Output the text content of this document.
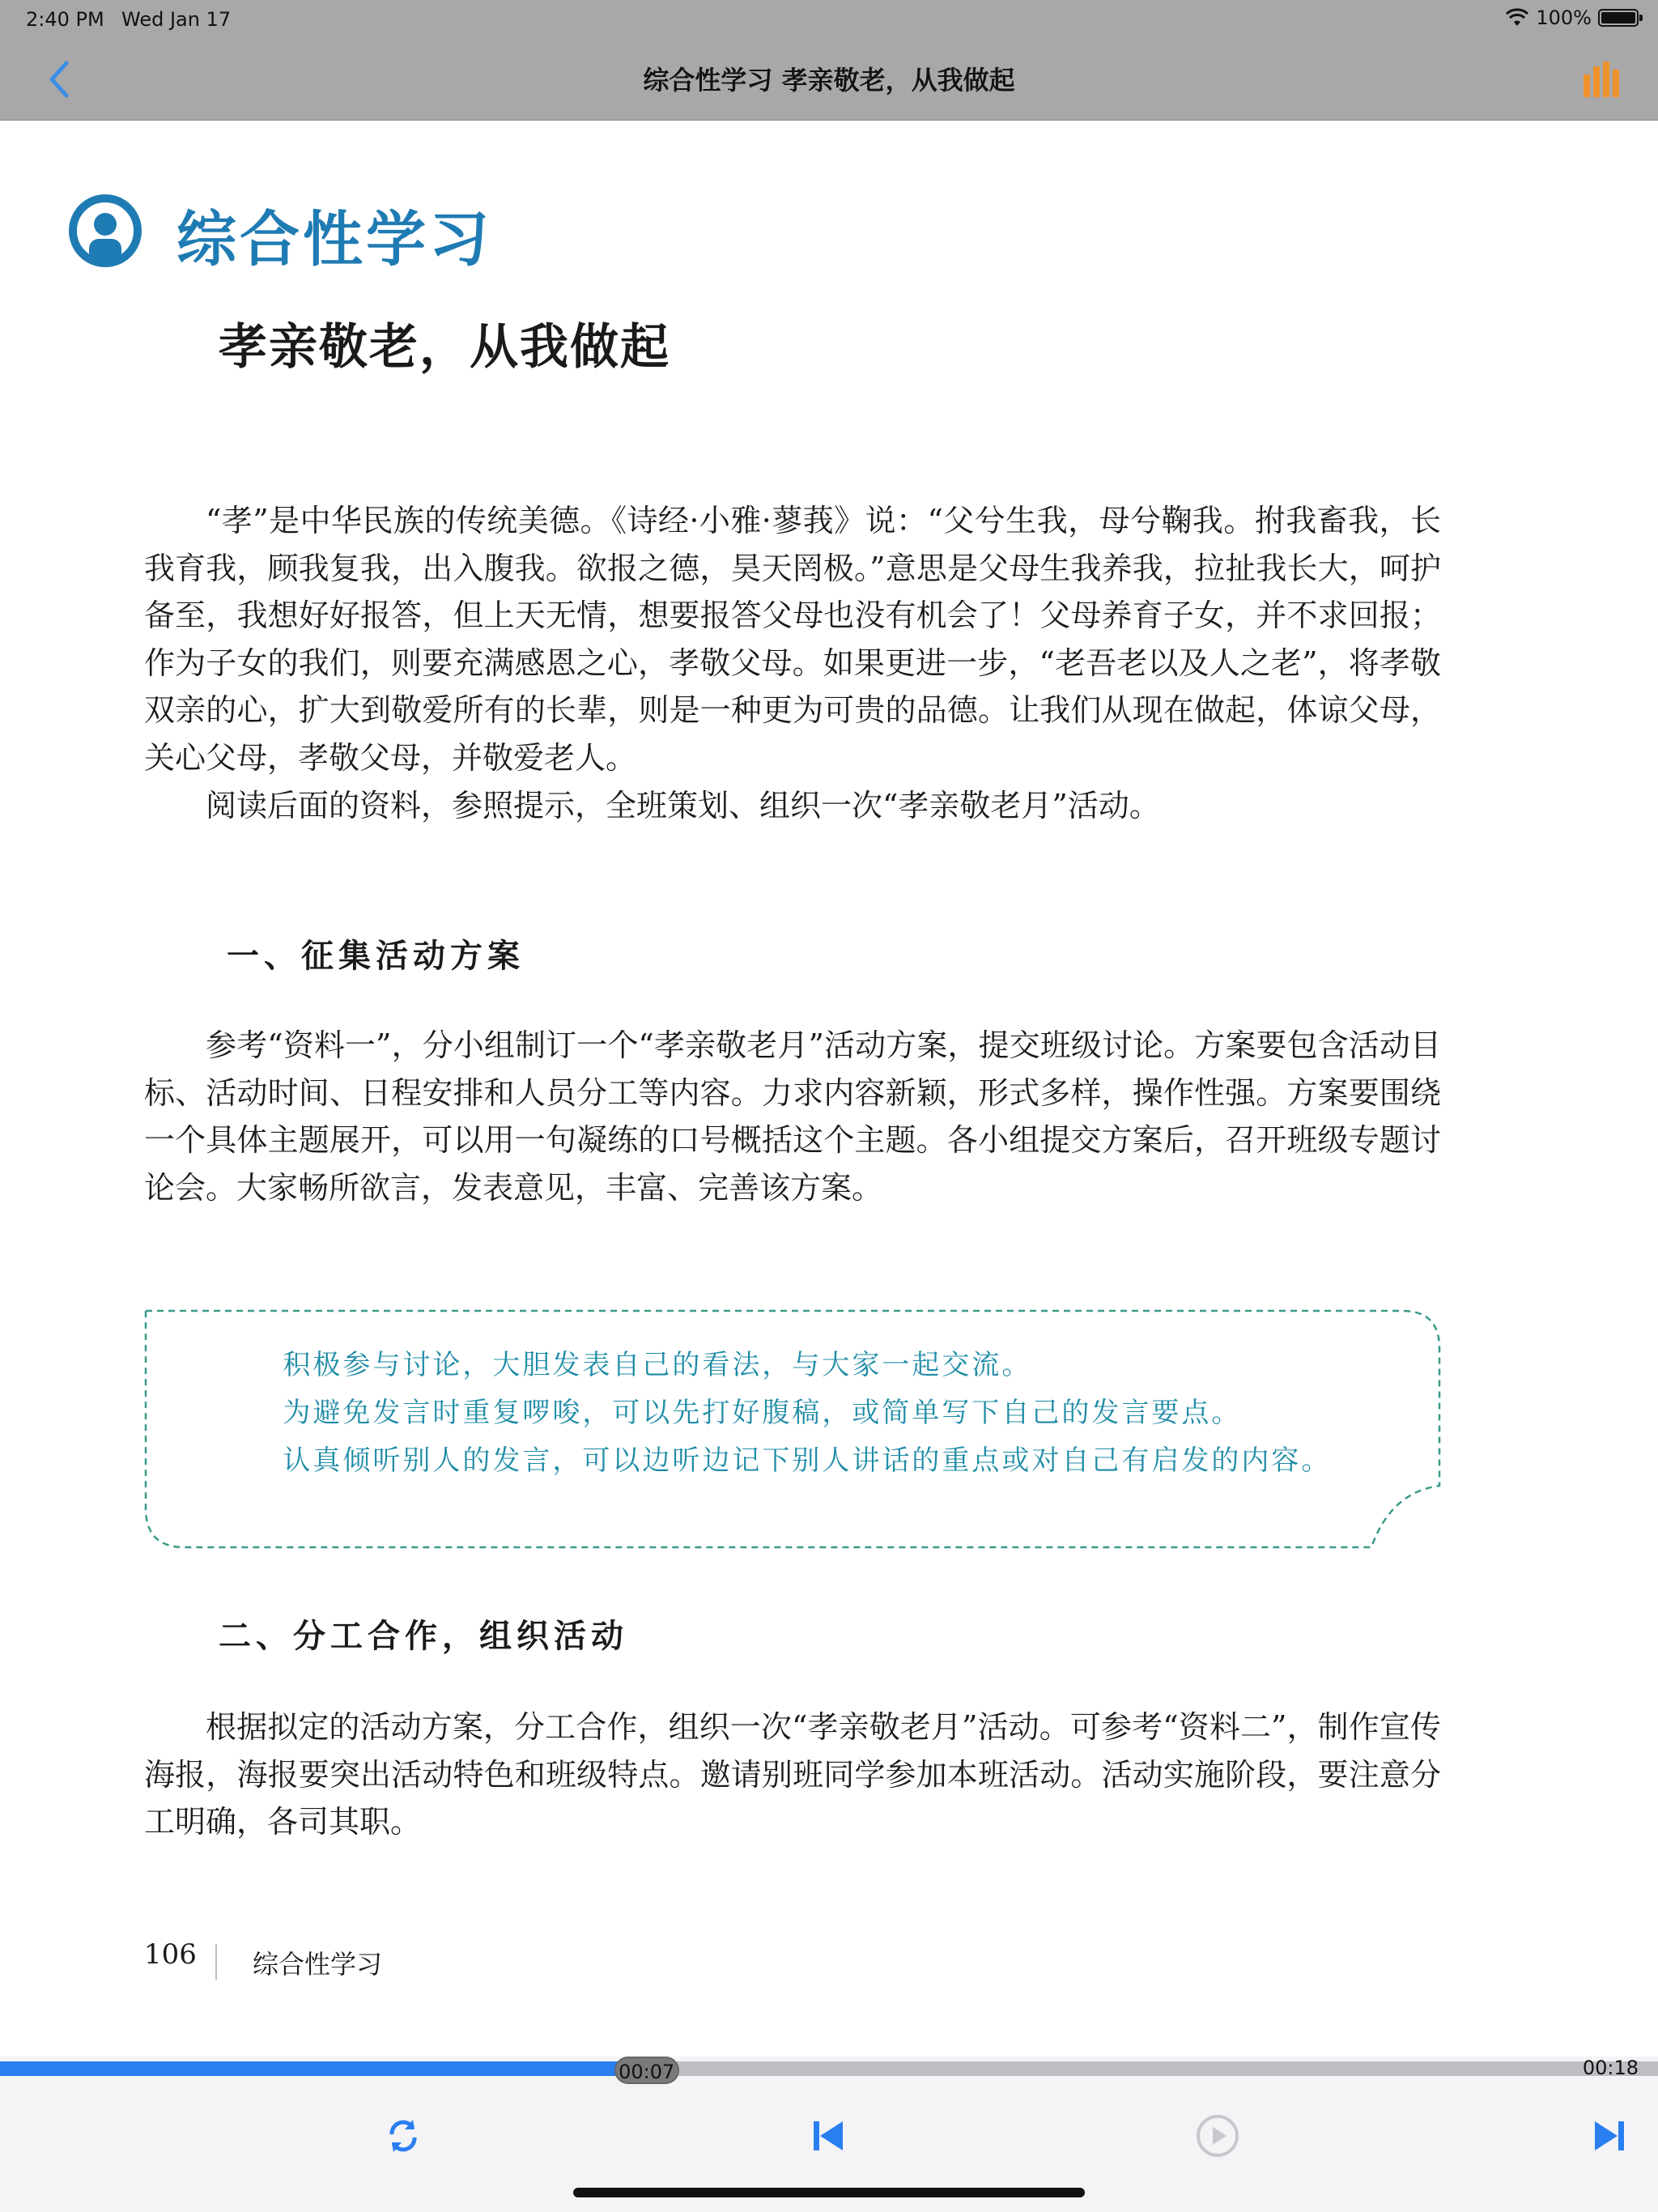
2:40 PM Wed Jan 17	100%
综合性学习 孝亲敬老，从我做起
综合性学习
孝亲敬老，从我做起

“孝”是中华民族的传统美德。《诗经·小雅·蓼莪》说：“父兮生我，母兮鞠我。拊我畜我，长我育我，顾我复我，出入腹我。欲报之德，昊天罔极。”意思是父母生我养我，拉扯我长大，呵护备至，我想好好报答，但上天无情，想要报答父母也没有机会了！父母养育子女，并不求回报；作为子女的我们，则要充满感恩之心，孝敬父母。如果更进一步，“老吾老以及人之老”，将孝敬双亲的心，扩大到敬爱所有的长辈，则是一种更为可贵的品德。让我们从现在做起，体谅父母，关心父母，孝敬父母，并敬爱老人。

阅读后面的资料，参照提示，全班策划、组织一次“孝亲敬老月”活动。

一、征集活动方案

参考“资料一”，分小组制订一个“孝亲敬老月”活动方案，提交班级讨论。方案要包含活动目标、活动时间、日程安排和人员分工等内容。力求内容新颖，形式多样，操作性强。方案要围绕一个具体主题展开，可以用一句凝练的口号概括这个主题。各小组提交方案后，召开班级专题讨论会。大家畅所欲言，发表意见，丰富、完善该方案。

积极参与讨论，大胆发表自己的看法，与大家一起交流。

为避免发言时重复啰唆，可以先打好腹稿，或简单写下自己的发言要点。

认真倾听别人的发言，可以边听边记下别人讲话的重点或对自己有启发的内容。

二、分工合作，组织活动

根据拟定的活动方案，分工合作，组织一次“孝亲敬老月”活动。可参考“资料二”，制作宣传海报，海报要突出活动特色和班级特点。邀请别班同学参加本班活动。活动实施阶段，要注意分工明确，各司其职。

106 综合性学习
00:07	00:18
